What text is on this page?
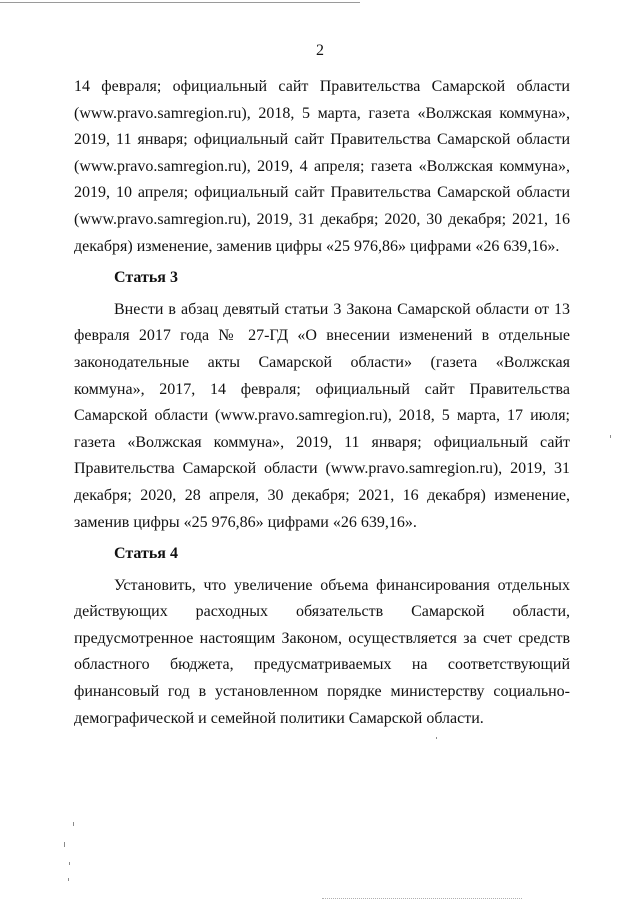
2

14 февраля; официальный сайт Правительства Самарской области (www.pravo.samregion.ru), 2018, 5 марта, газета «Волжская коммуна», 2019, 11 января; официальный сайт Правительства Самарской области (www.pravo.samregion.ru), 2019, 4 апреля; газета «Волжская коммуна», 2019, 10 апреля; официальный сайт Правительства Самарской области (www.pravo.samregion.ru), 2019, 31 декабря; 2020, 30 декабря; 2021, 16 декабря) изменение, заменив цифры «25 976,86» цифрами «26 639,16».

Статья 3

Внести в абзац девятый статьи 3 Закона Самарской области от 13 февраля 2017 года № 27-ГД «О внесении изменений в отдельные законодательные акты Самарской области» (газета «Волжская коммуна», 2017, 14 февраля; официальный сайт Правительства Самарской области (www.pravo.samregion.ru), 2018, 5 марта, 17 июля; газета «Волжская коммуна», 2019, 11 января; официальный сайт Правительства Самарской области (www.pravo.samregion.ru), 2019, 31 декабря; 2020, 28 апреля, 30 декабря; 2021, 16 декабря) изменение, заменив цифры «25 976,86» цифрами «26 639,16».

Статья 4

Установить, что увеличение объема финансирования отдельных действующих расходных обязательств Самарской области, предусмотренное настоящим Законом, осуществляется за счет средств областного бюджета, предусматриваемых на соответствующий финансовый год в установленном порядке министерству социально-демографической и семейной политики Самарской области.
